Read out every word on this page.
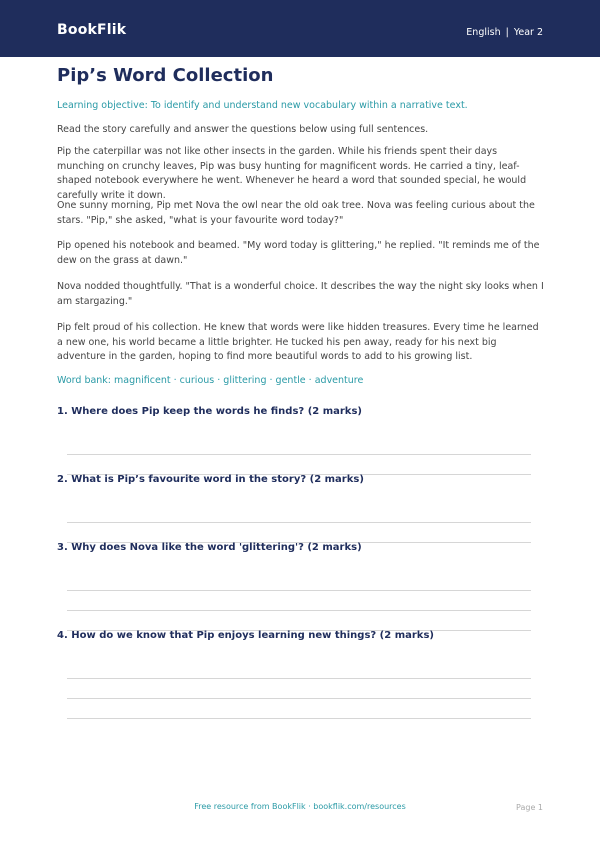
BookFlik	English | Year 2
Pip’s Word Collection
Learning objective: To identify and understand new vocabulary within a narrative text.
Read the story carefully and answer the questions below using full sentences.

Pip the caterpillar was not like other insects in the garden. While his friends spent their days munching on crunchy leaves, Pip was busy hunting for magnificent words. He carried a tiny, leaf-shaped notebook everywhere he went. Whenever he heard a word that sounded special, he would carefully write it down.

One sunny morning, Pip met Nova the owl near the old oak tree. Nova was feeling curious about the stars. "Pip," she asked, "what is your favourite word today?"

Pip opened his notebook and beamed. "My word today is glittering," he replied. "It reminds me of the dew on the grass at dawn."

Nova nodded thoughtfully. "That is a wonderful choice. It describes the way the night sky looks when I am stargazing."

Pip felt proud of his collection. He knew that words were like hidden treasures. Every time he learned a new one, his world became a little brighter. He tucked his pen away, ready for his next big adventure in the garden, hoping to find more beautiful words to add to his growing list.

Word bank: magnificent · curious · glittering · gentle · adventure
1. Where does Pip keep the words he finds? (2 marks)
2. What is Pip’s favourite word in the story? (2 marks)
3. Why does Nova like the word 'glittering'? (2 marks)
4. How do we know that Pip enjoys learning new things? (2 marks)
Free resource from BookFlik · bookflik.com/resources	Page 1
